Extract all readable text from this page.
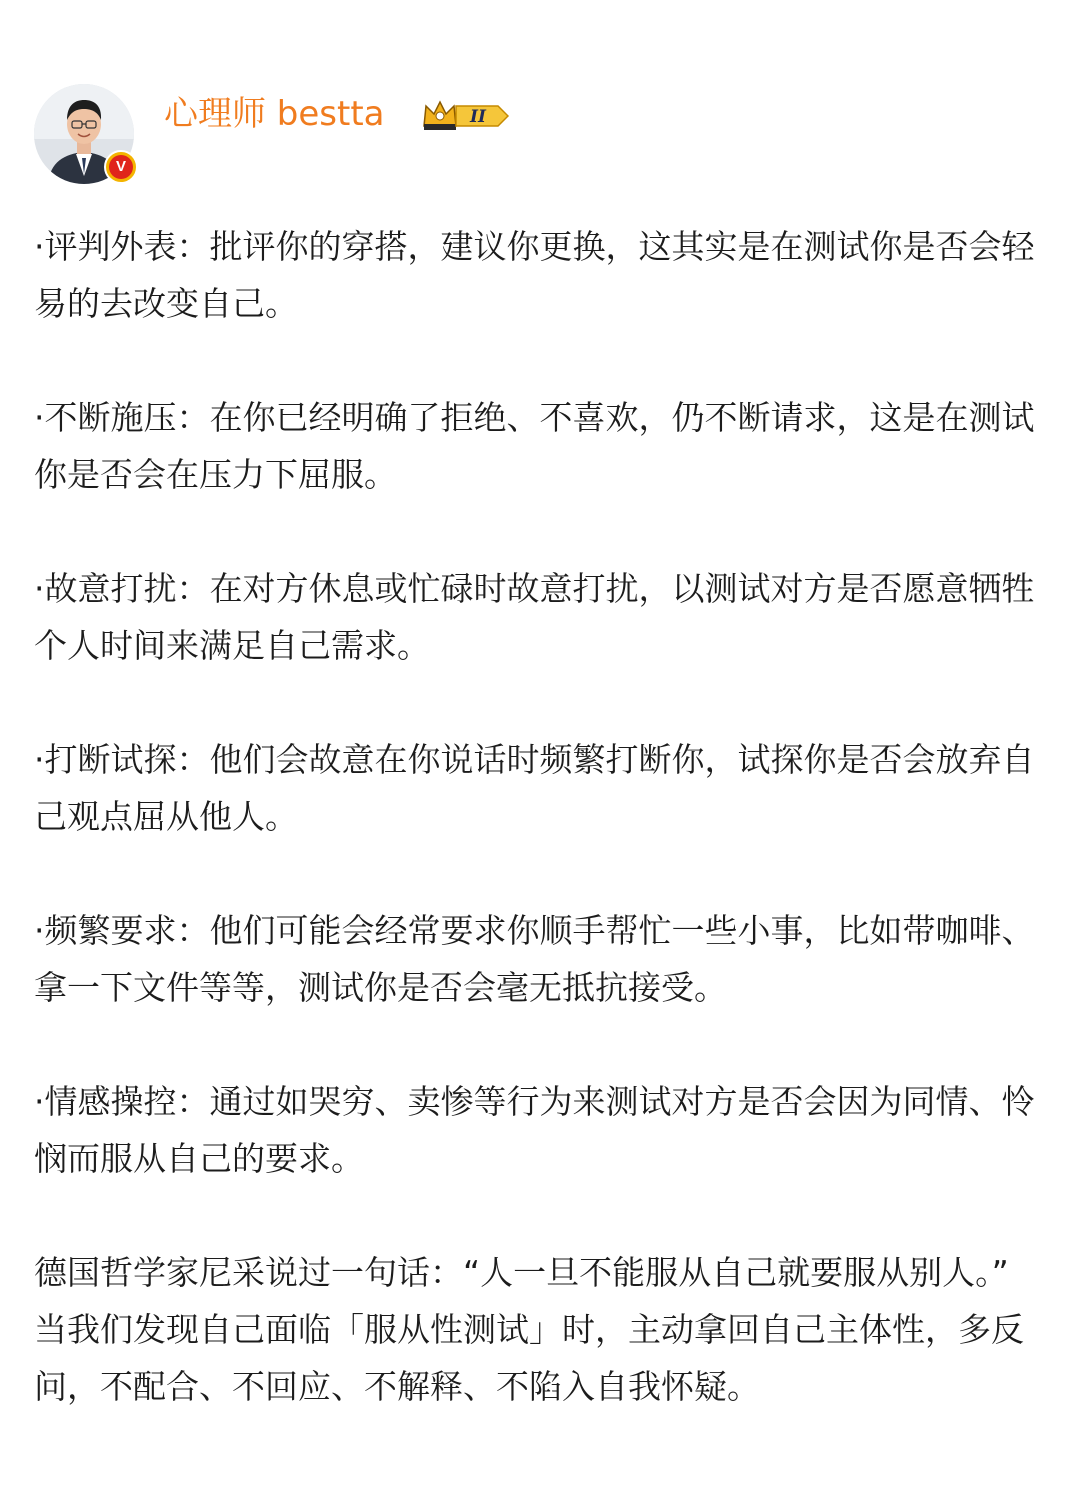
V
心理师 bestta	II

·评判外表：批评你的穿搭，建议你更换，这其实是在测试你是否会轻易的去改变自己。

·不断施压：在你已经明确了拒绝、不喜欢，仍不断请求，这是在测试你是否会在压力下屈服。

·故意打扰：在对方休息或忙碌时故意打扰，以测试对方是否愿意牺牲个人时间来满足自己需求。

·打断试探：他们会故意在你说话时频繁打断你，试探你是否会放弃自己观点屈从他人。

·频繁要求：他们可能会经常要求你顺手帮忙一些小事，比如带咖啡、拿一下文件等等，测试你是否会毫无抵抗接受。

·情感操控：通过如哭穷、卖惨等行为来测试对方是否会因为同情、怜悯而服从自己的要求。

德国哲学家尼采说过一句话：“人一旦不能服从自己就要服从别人。”

当我们发现自己面临「服从性测试」时，主动拿回自己主体性，多反问，不配合、不回应、不解释、不陷入自我怀疑。
